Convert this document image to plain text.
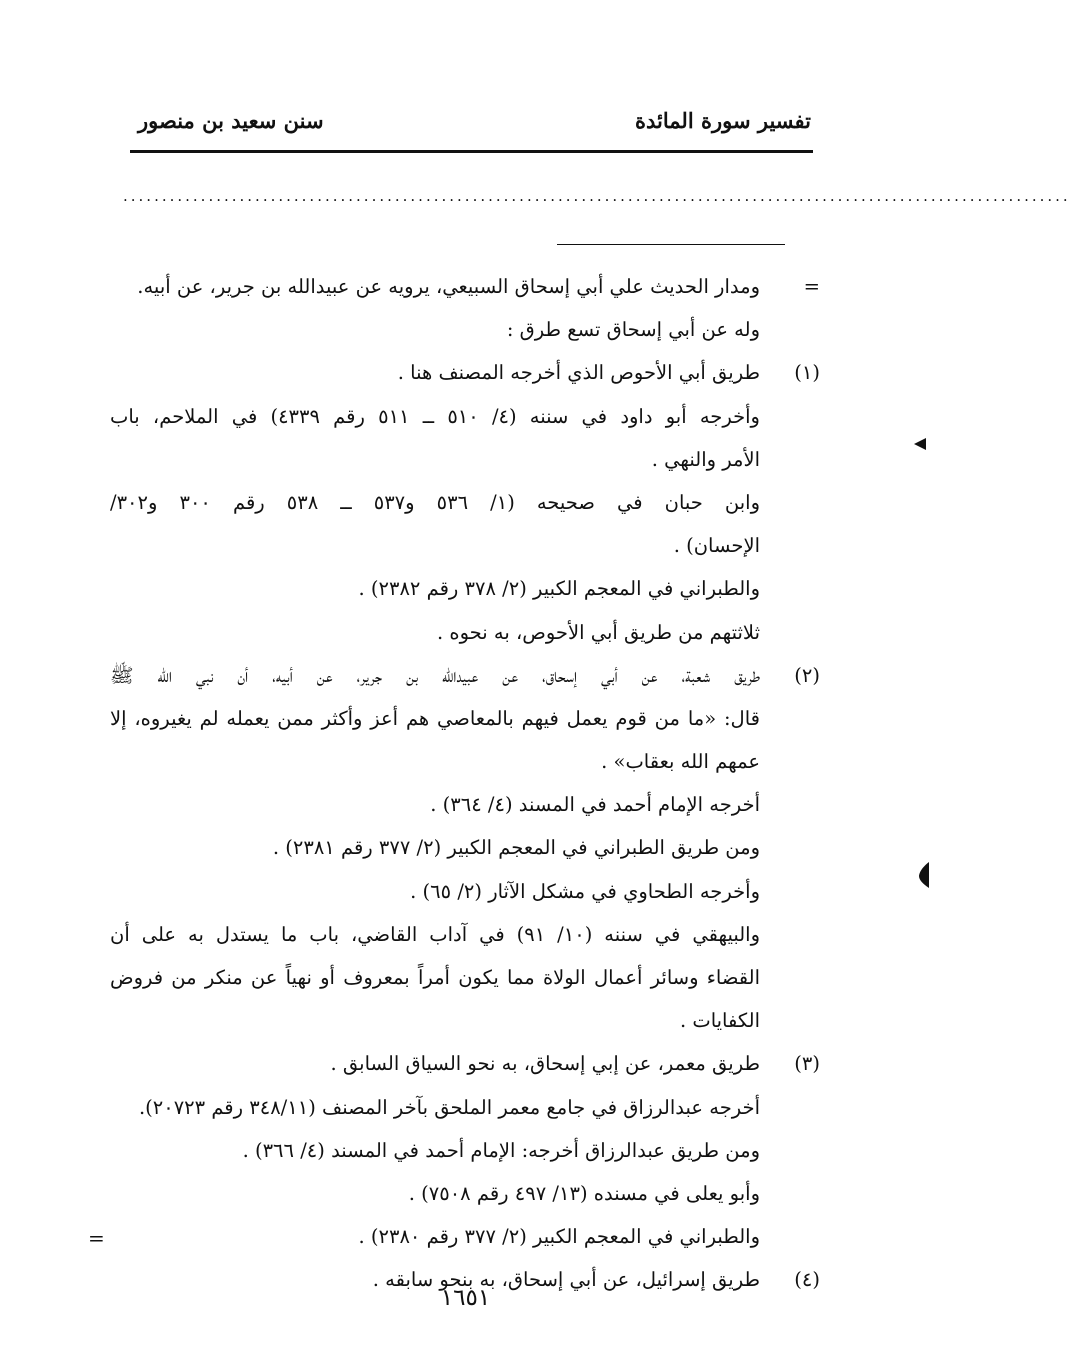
تفسير سورة المائدة
سنن سعيد بن منصور
..........................................................................................................................
=
ومدار الحديث علي أبي إسحاق السبيعي، يرويه عن عبيدالله بن جرير، عن أبيه.
وله عن أبي إسحاق تسع طرق :
(١)
طريق أبي الأحوص الذي أخرجه المصنف هنا .
وأخرجه أبو داود في سننه (٤/ ٥١٠ ــ ٥١١ رقم ٤٣٣٩) في الملاحم، باب
الأمر والنهي .
وابن حبان في صحيحه (١/ ٥٣٦ و٥٣٧ ــ ٥٣٨ رقم ٣٠٠ و٣٠٢/
الإحسان) .
والطبراني في المعجم الكبير (٢/ ٣٧٨ رقم ٢٣٨٢) .
ثلاثتهم من طريق أبي الأحوص، به نحوه .
(٢)
طريق شعبة، عن أبي إسحاق، عن عبيدالله بن جرير، عن أبيه، أن نبي الله ﷺ
قال: «ما من قوم يعمل فيهم بالمعاصي هم أعز وأكثر ممن يعمله لم يغيروه، إلا
عمهم الله بعقاب» .
أخرجه الإمام أحمد في المسند (٤/ ٣٦٤) .
ومن طريق الطبراني في المعجم الكبير (٢/ ٣٧٧ رقم ٢٣٨١) .
وأخرجه الطحاوي في مشكل الآثار (٢/ ٦٥) .
والبيهقي في سننه (١٠/ ٩١) في آداب القاضي، باب ما يستدل به على أن
القضاء وسائر أعمال الولاة مما يكون أمراً بمعروف أو نهياً عن منكر من فروض
الكفايات .
(٣)
طريق معمر، عن إبي إسحاق، به نحو السياق السابق .
أخرجه عبدالرزاق في جامع معمر الملحق بآخر المصنف (٣٤٨/١١ رقم ٢٠٧٢٣).
ومن طريق عبدالرزاق أخرجه: الإمام أحمد في المسند (٤/ ٣٦٦) .
وأبو يعلى في مسنده (١٣/ ٤٩٧ رقم ٧٥٠٨) .
والطبراني في المعجم الكبير (٢/ ٣٧٧ رقم ٢٣٨٠) .
(٤)
طريق إسرائيل، عن أبي إسحاق، به بنحو سابقه .
=
١٦٥١
